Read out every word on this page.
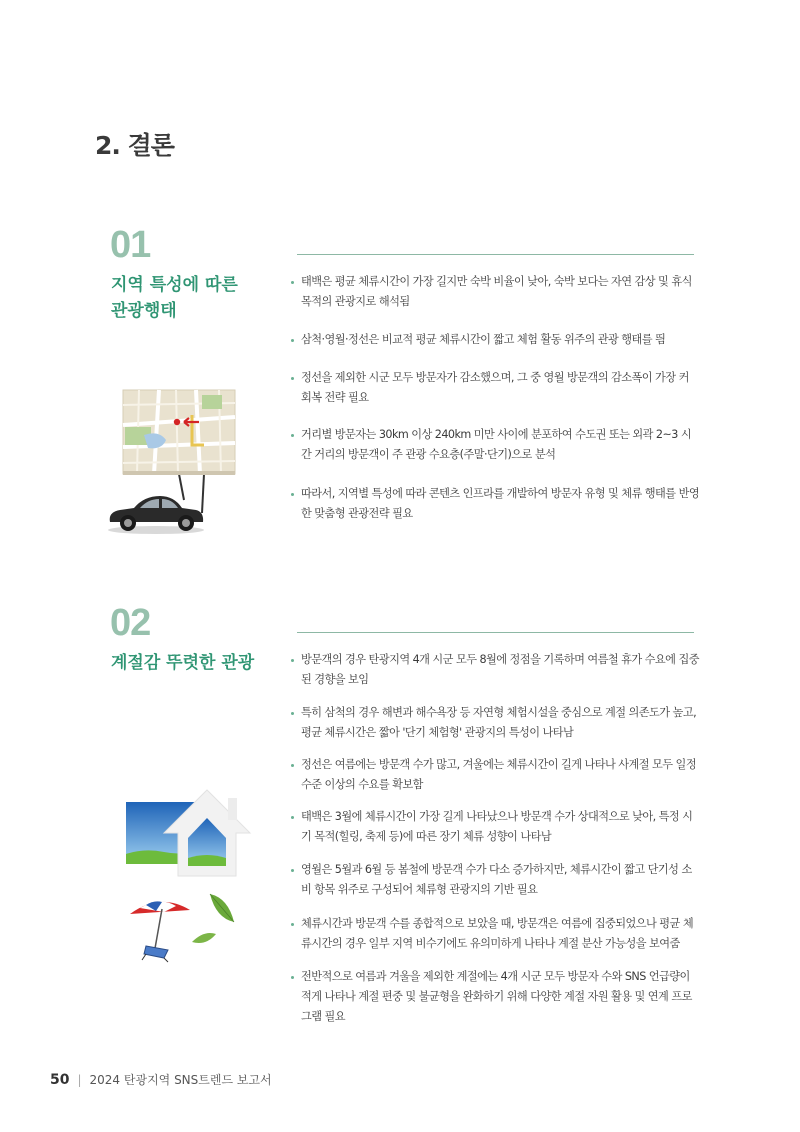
2. 결론
01
지역 특성에 따른
관광행태
태백은 평균 체류시간이 가장 길지만 숙박 비율이 낮아, 숙박 보다는 자연 감상 및 휴식 목적의 관광지로 해석됨
삼척·영월·정선은 비교적 평균 체류시간이 짧고 체험 활동 위주의 관광 행태를 띔
정선을 제외한 시군 모두 방문자가 감소했으며, 그 중 영월 방문객의 감소폭이 가장 커 회복 전략 필요
거리별 방문자는 30km 이상 240km 미만 사이에 분포하여 수도권 또는 외곽 2~3 시간 거리의 방문객이 주 관광 수요층(주말·단기)으로 분석
따라서, 지역별 특성에 따라 콘텐츠 인프라를 개발하여 방문자 유형 및 체류 행태를 반영한 맞춤형 관광전략 필요
02
계절감 뚜렷한 관광	방문객의 경우 탄광지역 4개 시군 모두 8월에 정점을 기록하며 여름철 휴가 수요에 집중된 경향을 보임
특히 삼척의 경우 해변과 해수욕장 등 자연형 체험시설을 중심으로 계절 의존도가 높고, 평균 체류시간은 짧아 '단기 체험형' 관광지의 특성이 나타남
정선은 여름에는 방문객 수가 많고, 겨울에는 체류시간이 길게 나타나 사계절 모두 일정 수준 이상의 수요를 확보함
태백은 3월에 체류시간이 가장 길게 나타났으나 방문객 수가 상대적으로 낮아, 특정 시기 목적(힐링, 축제 등)에 따른 장기 체류 성향이 나타남
영월은 5월과 6월 등 봄철에 방문객 수가 다소 증가하지만, 체류시간이 짧고 단기성 소비 항목 위주로 구성되어 체류형 관광지의 기반 필요
체류시간과 방문객 수를 종합적으로 보았을 때, 방문객은 여름에 집중되었으나 평균 체류시간의 경우 일부 지역 비수기에도 유의미하게 나타나 계절 분산 가능성을 보여줌
전반적으로 여름과 겨울을 제외한 계절에는 4개 시군 모두 방문자 수와 SNS 언급량이 적게 나타나 계절 편중 및 불균형을 완화하기 위해 다양한 계절 자원 활용 및 연계 프로그램 필요
50 | 2024 탄광지역 SNS트렌드 보고서
